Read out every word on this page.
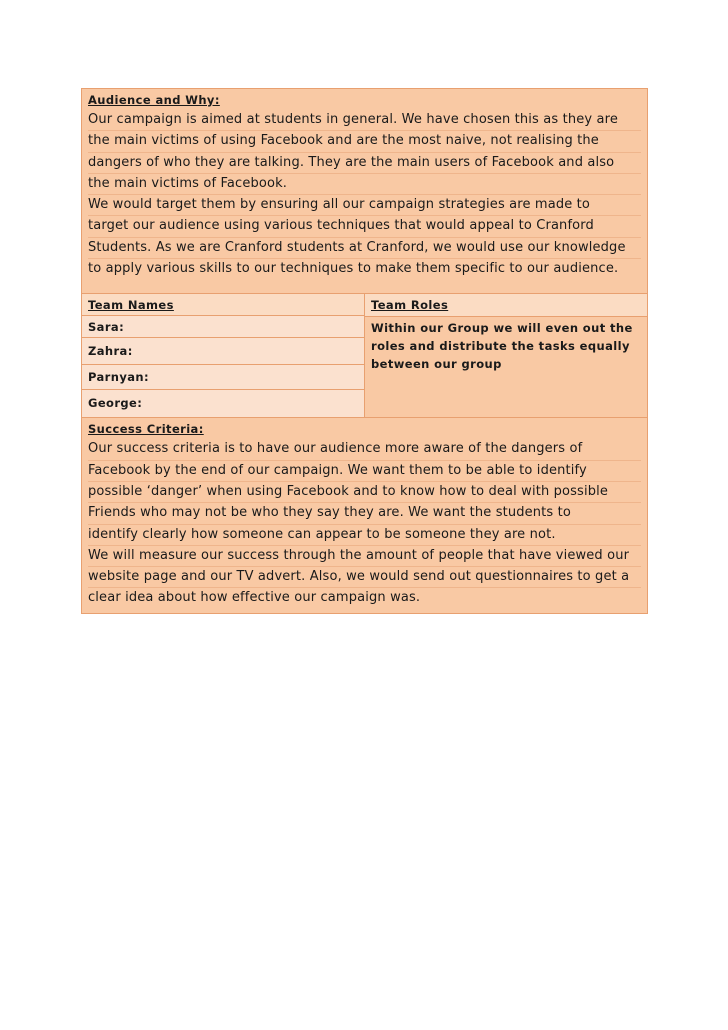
Audience and Why:
Our campaign is aimed at students in general. We have chosen this as they are
the main victims of using Facebook and are the most naive, not realising the
dangers of who they are talking. They are the main users of Facebook and also
the main victims of Facebook.
We would target them by ensuring all our campaign strategies are made to
target our audience using various techniques that would appeal to Cranford
Students. As we are Cranford students at Cranford, we would use our knowledge
to apply various skills to our techniques to make them specific to our audience.
Team Names
Sara:
Zahra:
Parnyan:
George:
Team Roles
Within our Group we will even out the
roles and distribute the tasks equally
between our group
Success Criteria:
Our success criteria is to have our audience more aware of the dangers of
Facebook by the end of our campaign. We want them to be able to identify
possible ‘danger’ when using Facebook and to know how to deal with possible
Friends who may not be who they say they are. We want the students to
identify clearly how someone can appear to be someone they are not.
We will measure our success through the amount of people that have viewed our
website page and our TV advert. Also, we would send out questionnaires to get a
clear idea about how effective our campaign was.
